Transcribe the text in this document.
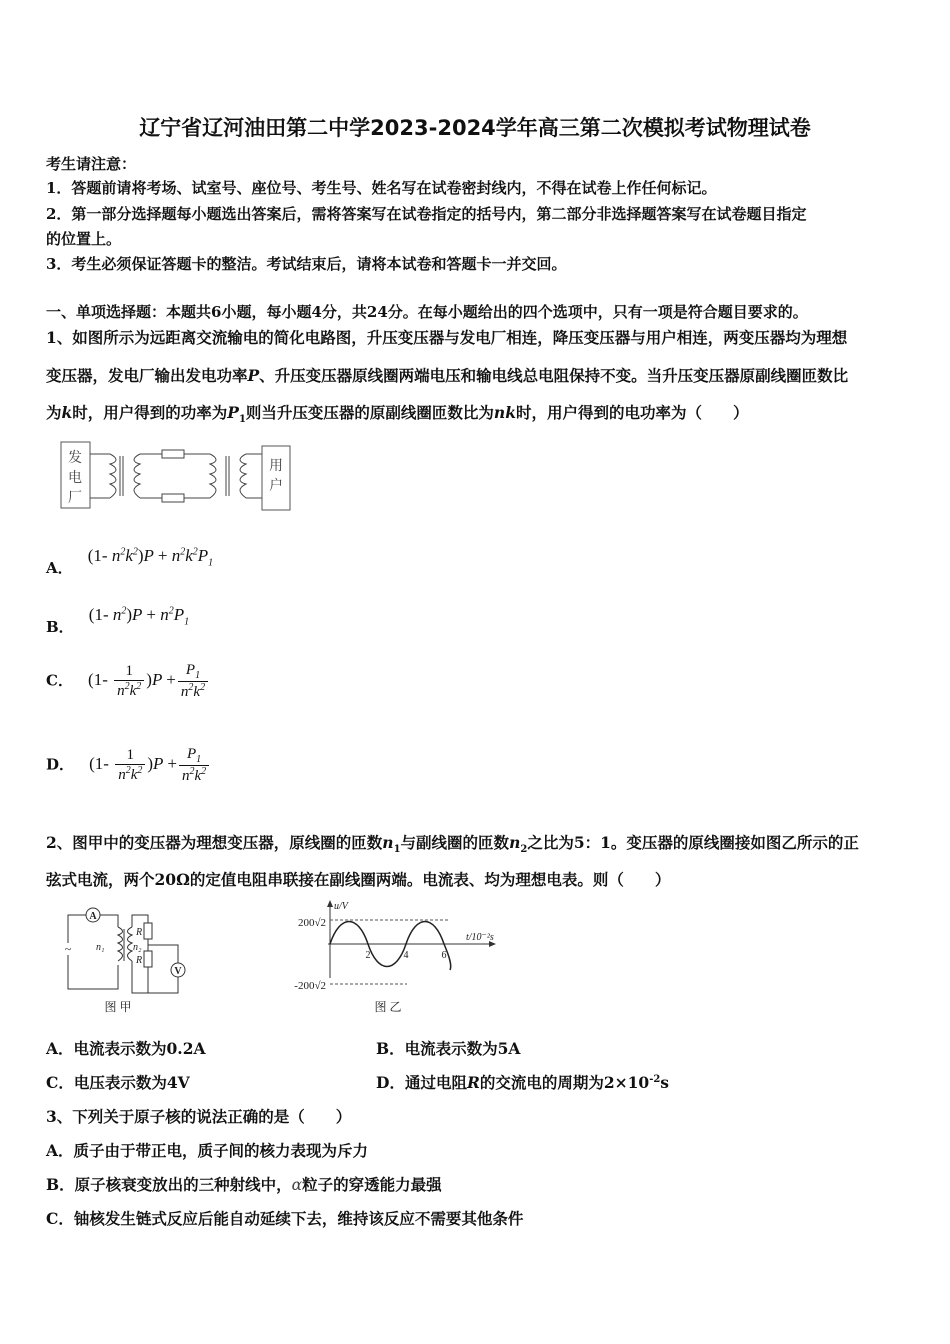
辽宁省辽河油田第二中学2023-2024学年高三第二次模拟考试物理试卷
考生请注意：
1．答题前请将考场、试室号、座位号、考生号、姓名写在试卷密封线内，不得在试卷上作任何标记。
2．第一部分选择题每小题选出答案后，需将答案写在试卷指定的括号内，第二部分非选择题答案写在试卷题目指定
的位置上。
3．考生必须保证答题卡的整洁。考试结束后，请将本试卷和答题卡一并交回。
一、单项选择题：本题共6小题，每小题4分，共24分。在每小题给出的四个选项中，只有一项是符合题目要求的。
1、如图所示为远距离交流输电的简化电路图，升压变压器与发电厂相连，降压变压器与用户相连，两变压器均为理想
变压器，发电厂输出发电功率P、升压变压器原线圈两端电压和输电线总电阻保持不变。当升压变压器原副线圈匝数比
为k时，用户得到的功率为$P_1$则当升压变压器的原副线圈匝数比为nk时，用户得到的电功率为（　　）
发
电
厂
用
户
A． (1- $n^2k^2)P + n^2k^2P_1$
B． (1- $n^2)P + n^2P_1$
C． $(1- \frac{1}{n^2k^2} )P + \frac{P_1}{n^2k^2}$
D． $(1- \frac{1}{n^2k^2} )P + \frac{P_1}{n^2k^2}$
2、图甲中的变压器为理想变压器，原线圈的匝数$n_1$与副线圈的匝数$n_2$之比为5：1。变压器的原线圈接如图乙所示的正
弦式电流，两个20Ω的定值电阻串联接在副线圈两端。电流表、均为理想电表。则（　　）
A
~ n₁	n₂
R
R
V
图 甲
u/V
t/10⁻²s
200√2
-200√2
2	4	6
图 乙
A．电流表示数为0.2A	B．电流表示数为5A
C．电压表示数为4V	D．通过电阻R的交流电的周期为$2\times 10^{-2}s$
3、下列关于原子核的说法正确的是（　　）
A．质子由于带正电，质子间的核力表现为斥力
B．原子核衰变放出的三种射线中，α粒子的穿透能力最强
C．铀核发生链式反应后能自动延续下去，维持该反应不需要其他条件
